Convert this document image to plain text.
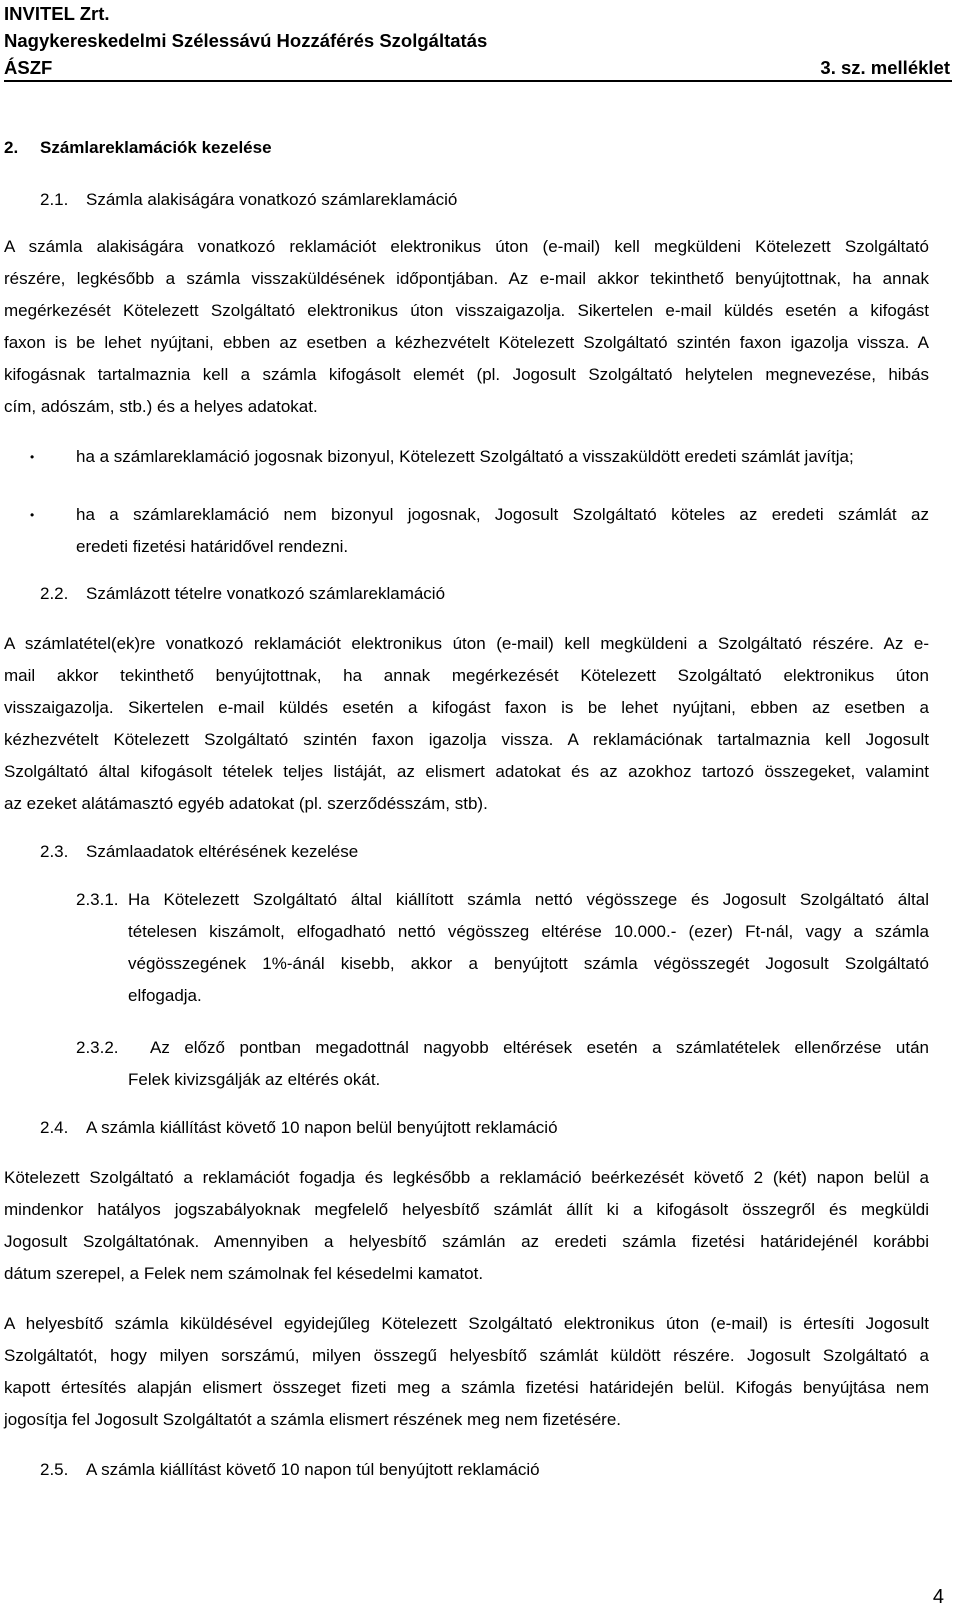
INVITEL Zrt.
Nagykereskedelmi Szélessávú Hozzáférés Szolgáltatás
ÁSZF	3. sz. melléklet
2. Számlareklamációk kezelése
2.1. Számla alakiságára vonatkozó számlareklamáció
A számla alakiságára vonatkozó reklamációt elektronikus úton (e-mail) kell megküldeni Kötelezett Szolgáltató
részére, legkésőbb a számla visszaküldésének időpontjában. Az e-mail akkor tekinthető benyújtottnak, ha annak
megérkezését Kötelezett Szolgáltató elektronikus úton visszaigazolja. Sikertelen e-mail küldés esetén a kifogást
faxon is be lehet nyújtani, ebben az esetben a kézhezvételt Kötelezett Szolgáltató szintén faxon igazolja vissza. A
kifogásnak tartalmaznia kell a számla kifogásolt elemét (pl. Jogosult Szolgáltató helytelen megnevezése, hibás
cím, adószám, stb.) és a helyes adatokat.
• ha a számlareklamáció jogosnak bizonyul, Kötelezett Szolgáltató a visszaküldött eredeti számlát javítja;
• ha a számlareklamáció nem bizonyul jogosnak, Jogosult Szolgáltató köteles az eredeti számlát az
eredeti fizetési határidővel rendezni.
2.2. Számlázott tételre vonatkozó számlareklamáció
A számlatétel(ek)re vonatkozó reklamációt elektronikus úton (e-mail) kell megküldeni a Szolgáltató részére. Az e-
mail akkor tekinthető benyújtottnak, ha annak megérkezését Kötelezett Szolgáltató elektronikus úton
visszaigazolja. Sikertelen e-mail küldés esetén a kifogást faxon is be lehet nyújtani, ebben az esetben a
kézhezvételt Kötelezett Szolgáltató szintén faxon igazolja vissza. A reklamációnak tartalmaznia kell Jogosult
Szolgáltató által kifogásolt tételek teljes listáját, az elismert adatokat és az azokhoz tartozó összegeket, valamint
az ezeket alátámasztó egyéb adatokat (pl. szerződésszám, stb).
2.3. Számlaadatok eltérésének kezelése
2.3.1. Ha Kötelezett Szolgáltató által kiállított számla nettó végösszege és Jogosult Szolgáltató által
tételesen kiszámolt, elfogadható nettó végösszeg eltérése 10.000.- (ezer) Ft-nál, vagy a számla
végösszegének 1%-ánál kisebb, akkor a benyújtott számla végösszegét Jogosult Szolgáltató
elfogadja.
2.3.2. Az előző pontban megadottnál nagyobb eltérések esetén a számlatételek ellenőrzése után
Felek kivizsgálják az eltérés okát.
2.4. A számla kiállítást követő 10 napon belül benyújtott reklamáció
Kötelezett Szolgáltató a reklamációt fogadja és legkésőbb a reklamáció beérkezését követő 2 (két) napon belül a
mindenkor hatályos jogszabályoknak megfelelő helyesbítő számlát állít ki a kifogásolt összegről és megküldi
Jogosult Szolgáltatónak. Amennyiben a helyesbítő számlán az eredeti számla fizetési határidejénél korábbi
dátum szerepel, a Felek nem számolnak fel késedelmi kamatot.
A helyesbítő számla kiküldésével egyidejűleg Kötelezett Szolgáltató elektronikus úton (e-mail) is értesíti Jogosult
Szolgáltatót, hogy milyen sorszámú, milyen összegű helyesbítő számlát küldött részére. Jogosult Szolgáltató a
kapott értesítés alapján elismert összeget fizeti meg a számla fizetési határidején belül. Kifogás benyújtása nem
jogosítja fel Jogosult Szolgáltatót a számla elismert részének meg nem fizetésére.
2.5. A számla kiállítást követő 10 napon túl benyújtott reklamáció
4
